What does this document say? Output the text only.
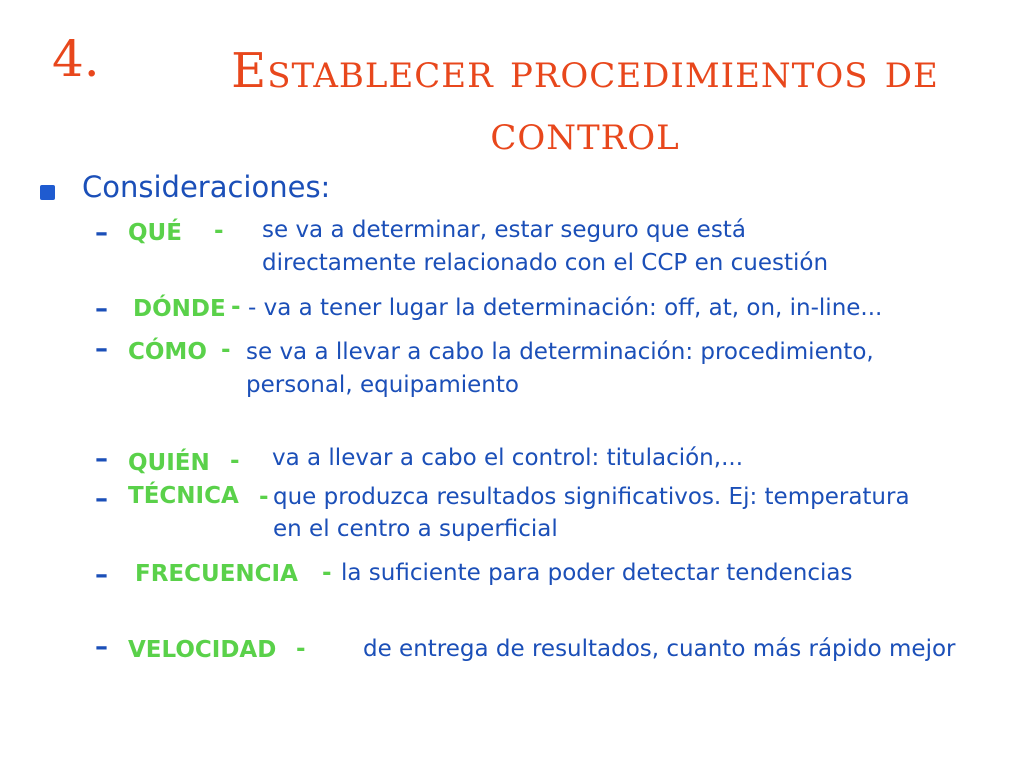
4.	Establecer procedimientos de control
Consideraciones:
– QUÉ - se va a determinar, estar seguro que está
directamente relacionado con el CCP en cuestión
– DÓNDE - - va a tener lugar la determinación: off, at, on, in-line...
– CÓMO - se va a llevar a cabo la determinación: procedimiento,
personal, equipamiento
– QUIÉN - va a llevar a cabo el control: titulación,...
– TÉCNICA - que produzca resultados significativos. Ej: temperatura
en el centro a superficial
– FRECUENCIA - la suficiente para poder detectar tendencias
– VELOCIDAD - de entrega de resultados, cuanto más rápido mejor
